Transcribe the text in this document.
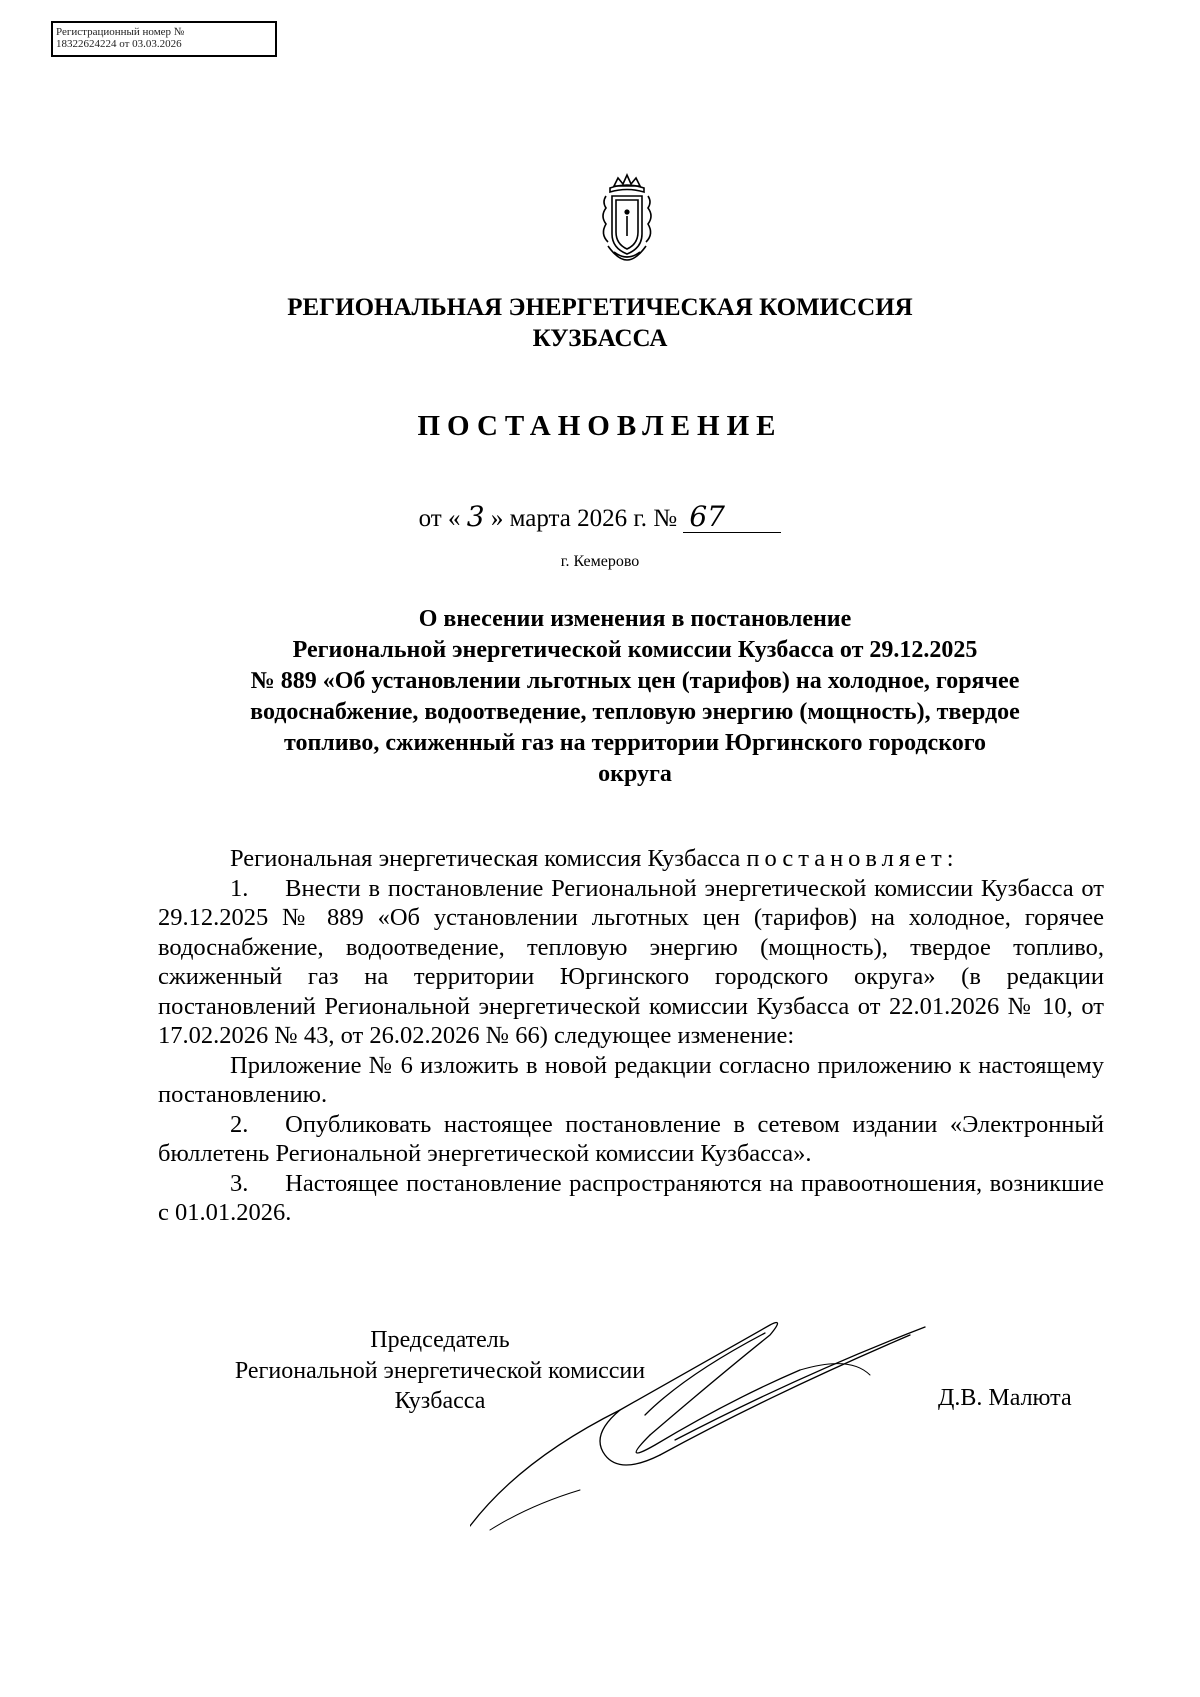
Регистрационный номер №
18322624224 от 03.03.2026
РЕГИОНАЛЬНАЯ ЭНЕРГЕТИЧЕСКАЯ КОМИССИЯ
КУЗБАССА
ПОСТАНОВЛЕНИЕ
от « 3 » марта 2026 г. № 67
г. Кемерово
О внесении изменения в постановление
Региональной энергетической комиссии Кузбасса от 29.12.2025
№ 889 «Об установлении льготных цен (тарифов) на холодное, горячее
водоснабжение, водоотведение, тепловую энергию (мощность), твердое
топливо, сжиженный газ на территории Юргинского городского
округа

Региональная энергетическая комиссия Кузбасса постановляет:

1.  Внести в постановление Региональной энергетической комиссии Кузбасса от 29.12.2025 № 889 «Об установлении льготных цен (тарифов) на холодное, горячее водоснабжение, водоотведение, тепловую энергию (мощность), твердое топливо, сжиженный газ на территории Юргинского городского округа» (в редакции постановлений Региональной энергетической комиссии Кузбасса от 22.01.2026 № 10, от 17.02.2026 № 43, от 26.02.2026 № 66) следующее изменение:

Приложение № 6 изложить в новой редакции согласно приложению к настоящему постановлению.

2.  Опубликовать настоящее постановление в сетевом издании «Электронный бюллетень Региональной энергетической комиссии Кузбасса».

3.  Настоящее постановление распространяются на правоотношения, возникшие с 01.01.2026.

Председатель
Региональной энергетической комиссии
Кузбасса	Д.В. Малюта
